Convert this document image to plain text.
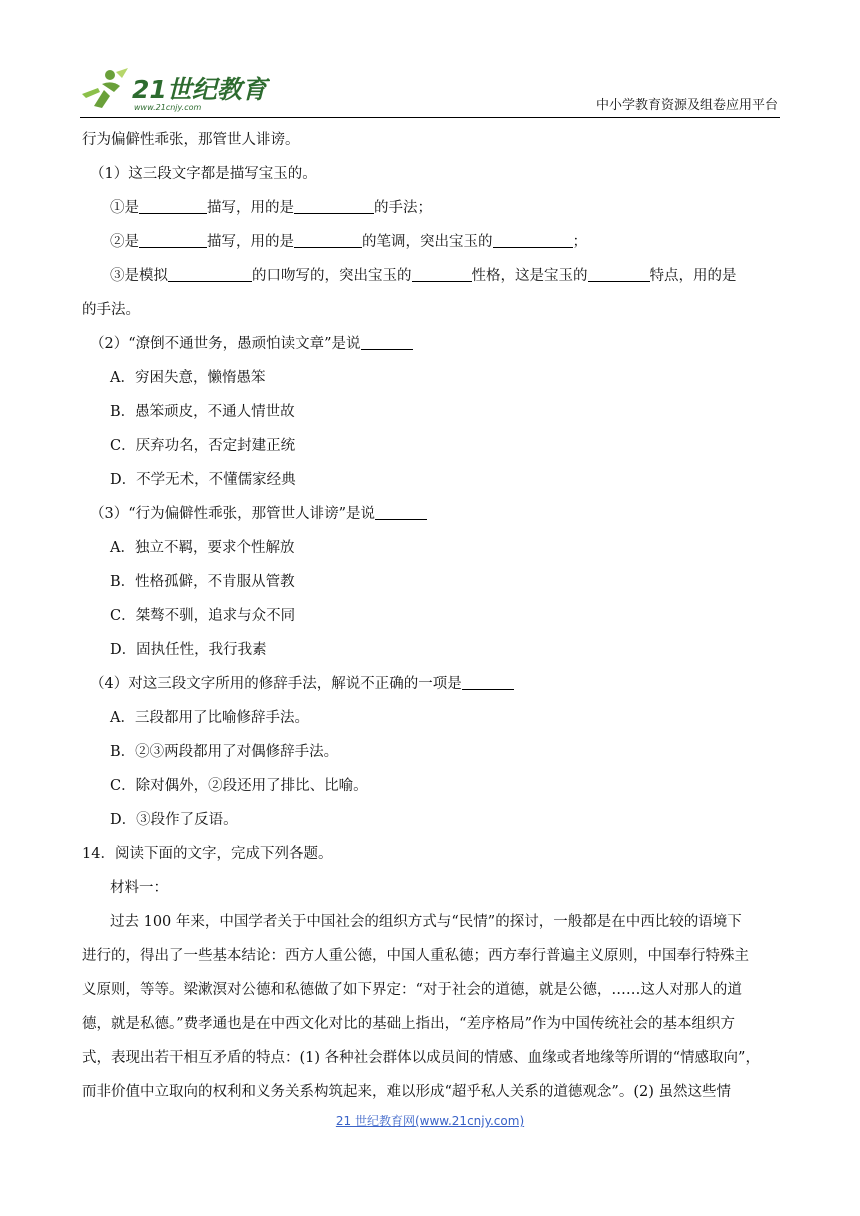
21世纪教育
www.21cnjy.com	中小学教育资源及组卷应用平台
行为偏僻性乖张，那管世人诽谤。
（1）这三段文字都是描写宝玉的。
①是	描写，用的是	的手法；
②是	描写，用的是	的笔调，突出宝玉的	；
③是模拟	的口吻写的，突出宝玉的	性格，这是宝玉的	特点，用的是
的手法。
（2）“潦倒不通世务，愚顽怕读文章”是说
A．穷困失意，懒惰愚笨
B．愚笨顽皮，不通人情世故
C．厌弃功名，否定封建正统
D．不学无术，不懂儒家经典
（3）“行为偏僻性乖张，那管世人诽谤”是说
A．独立不羁，要求个性解放
B．性格孤僻，不肯服从管教
C．桀骜不驯，追求与众不同
D．固执任性，我行我素
（4）对这三段文字所用的修辞手法，解说不正确的一项是
A．三段都用了比喻修辞手法。
B．②③两段都用了对偶修辞手法。
C．除对偶外，②段还用了排比、比喻。
D．③段作了反语。
14．阅读下面的文字，完成下列各题。
材料一：
过去 100 年来，中国学者关于中国社会的组织方式与“民情”的探讨，一般都是在中西比较的语境下
进行的，得出了一些基本结论：西方人重公德，中国人重私德；西方奉行普遍主义原则，中国奉行特殊主
义原则，等等。梁漱溟对公德和私德做了如下界定：“对于社会的道德，就是公德，……这人对那人的道
德，就是私德。”费孝通也是在中西文化对比的基础上指出，“差序格局”作为中国传统社会的基本组织方
式，表现出若干相互矛盾的特点：(1) 各种社会群体以成员间的情感、血缘或者地缘等所谓的“情感取向”，
而非价值中立取向的权利和义务关系构筑起来，难以形成“超乎私人关系的道德观念”。(2) 虽然这些情
21 世纪教育网(www.21cnjy.com)
